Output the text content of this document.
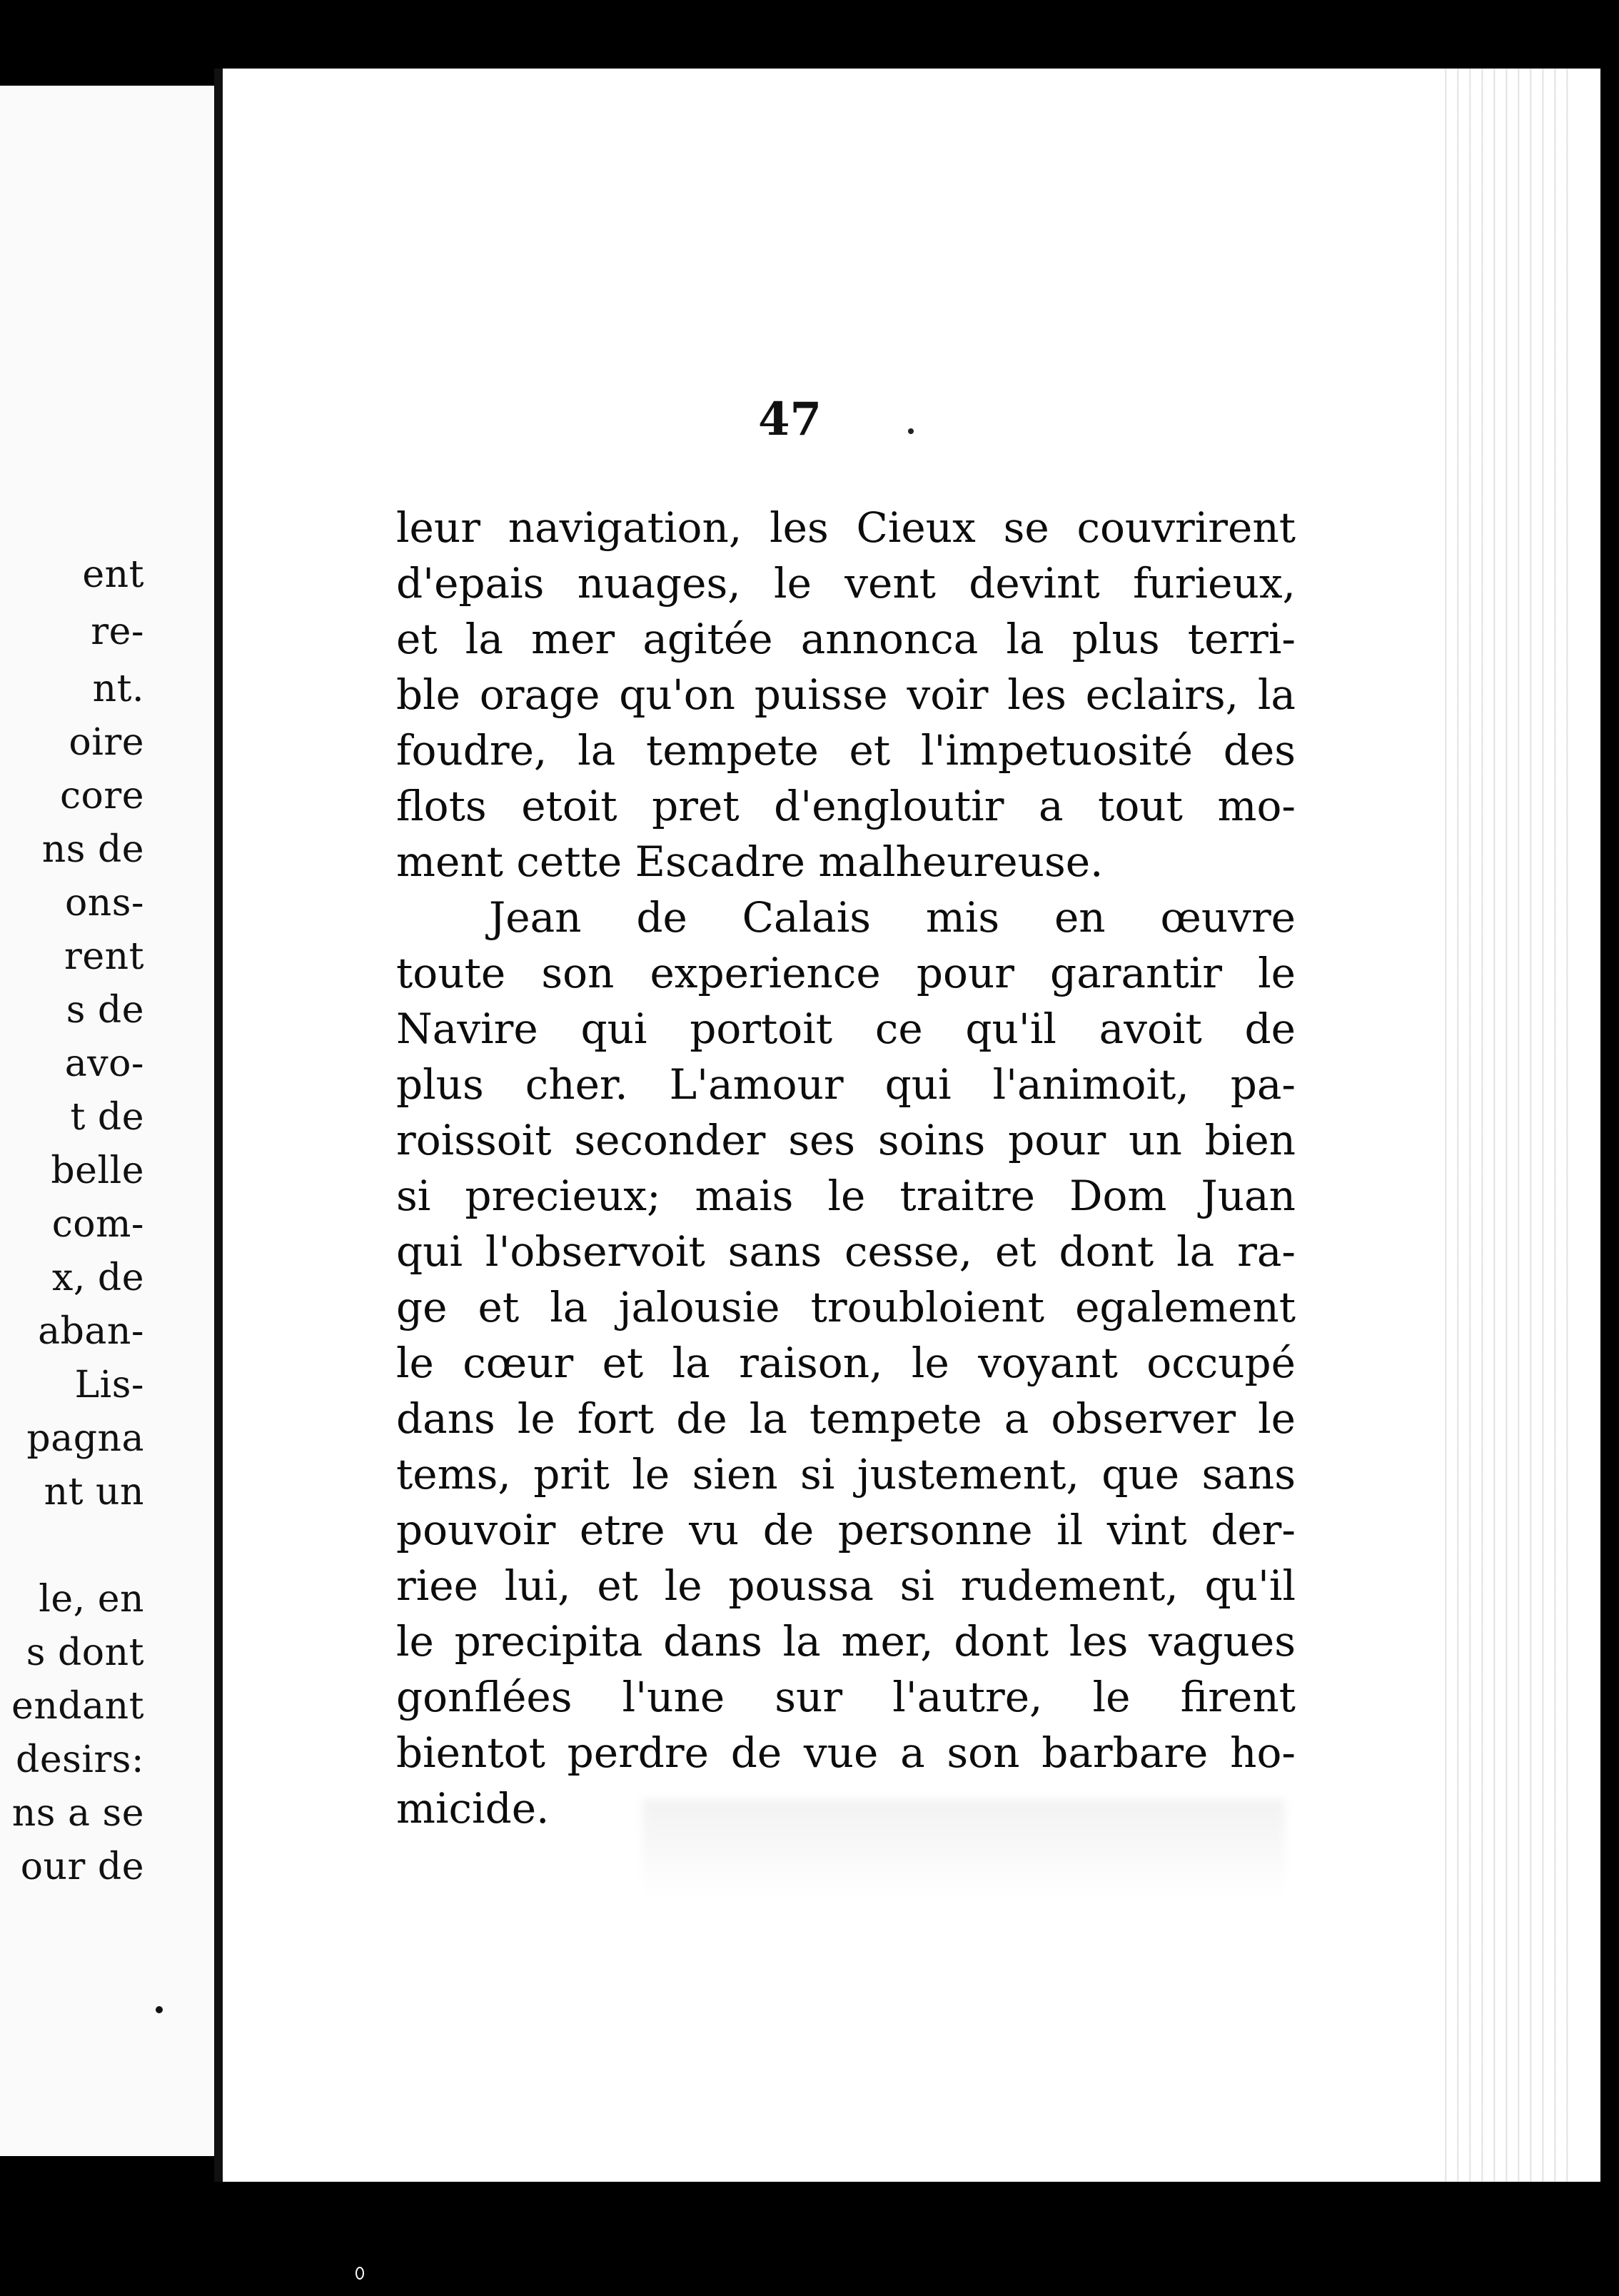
ent
re-
nt.
oire
core
ns de
ons-
rent
s de
avo-
t de
belle
com-
x, de
aban-
Lis-
pagna
nt un
le, en
s dont
endant
desirs:
ns a se
our de
47
leur navigation, les Cieux se couvrirent
d'epais nuages, le vent devint furieux,
et la mer agitée annonca la plus terri-
ble orage qu'on puisse voir les eclairs, la
foudre, la tempete et l'impetuosité des
flots etoit pret d'engloutir a tout mo-
ment cette Escadre malheureuse.
Jean de Calais mis en œuvre
toute son experience pour garantir le
Navire qui portoit ce qu'il avoit de
plus cher. L'amour qui l'animoit, pa-
roissoit seconder ses soins pour un bien
si precieux; mais le traitre Dom Juan
qui l'observoit sans cesse, et dont la ra-
ge et la jalousie troubloient egalement
le cœur et la raison, le voyant occupé
dans le fort de la tempete a observer le
tems, prit le sien si justement, que sans
pouvoir etre vu de personne il vint der-
riee lui, et le poussa si rudement, qu'il
le precipita dans la mer, dont les vagues
gonflées l'une sur l'autre, le firent
bientot perdre de vue a son barbare ho-
micide.
